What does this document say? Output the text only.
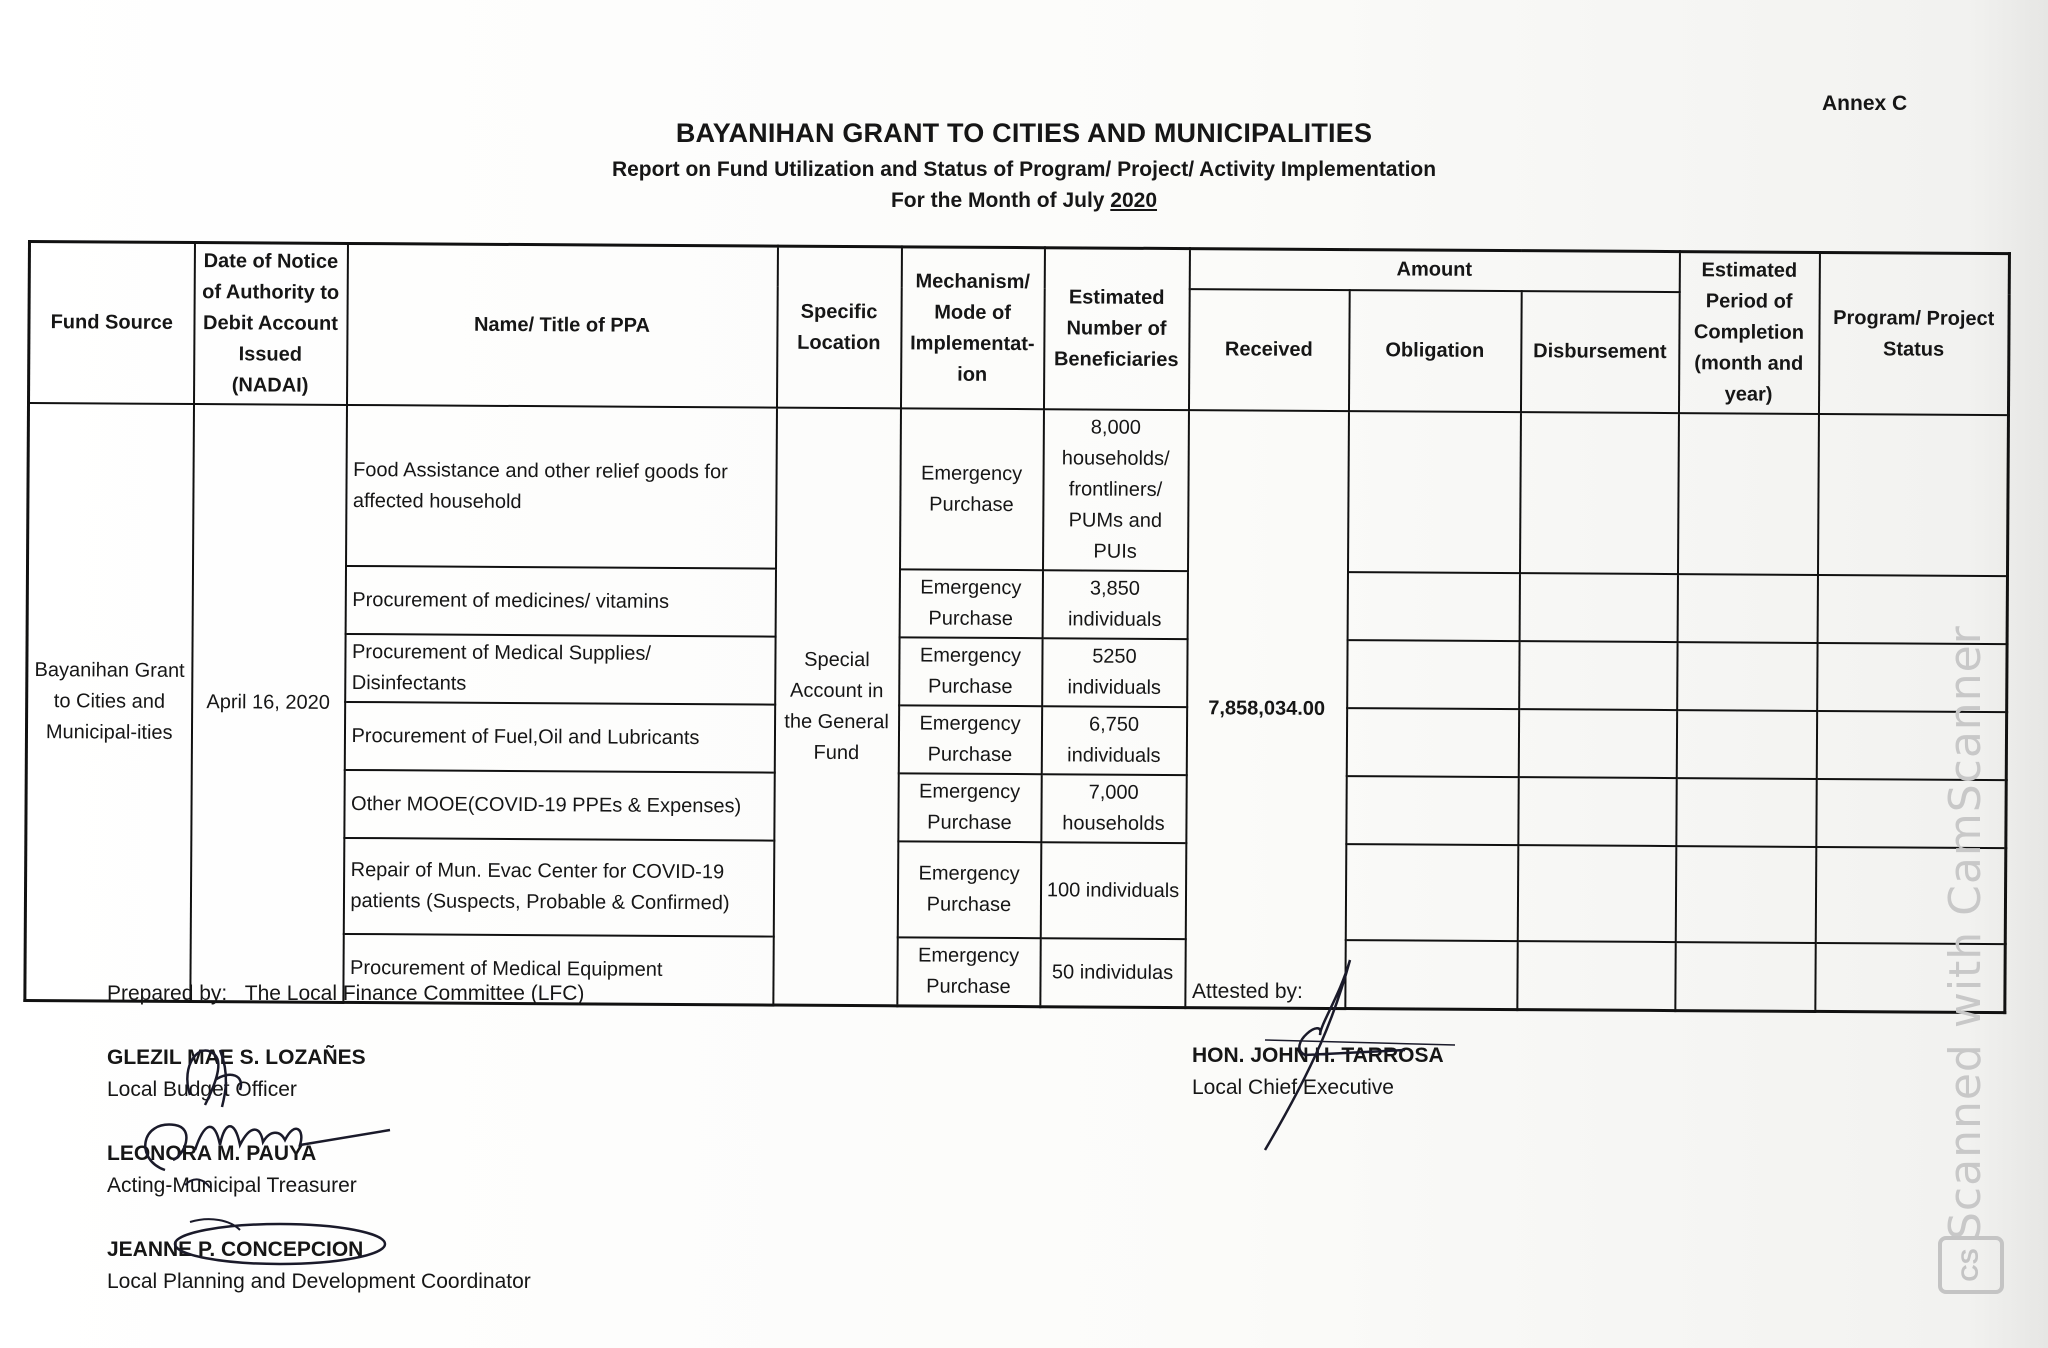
Annex C
BAYANIHAN GRANT TO CITIES AND MUNICIPALITIES
Report on Fund Utilization and Status of Program/ Project/ Activity Implementation
For the Month of July 2020
Fund Source	Date of Notice of Authority to Debit Account Issued (NADAI)	Name/ Title of PPA	Specific Location	Mechanism/ Mode of Implementat-ion	Estimated Number of Beneficiaries	Amount			Estimated Period of Completion (month and year)	Program/ Project Status
						Received	Obligation	Disbursement		
Bayanihan Grant to Cities and Municipal-ities	April 16, 2020	Food Assistance and other relief goods for affected household	Special Account in the General Fund	Emergency Purchase	8,000 households/ frontliners/ PUMs and PUIs	7,858,034.00				
		Procurement of medicines/ vitamins		Emergency Purchase	3,850 individuals					
		Procurement of Medical Supplies/ Disinfectants		Emergency Purchase	5250 individuals					
		Procurement of Fuel,Oil and Lubricants		Emergency Purchase	6,750 individuals					
		Other MOOE(COVID-19 PPEs & Expenses)		Emergency Purchase	7,000 households					
		Repair of Mun. Evac Center for COVID-19 patients (Suspects, Probable & Confirmed)		Emergency Purchase	100 individuals					
		Procurement of Medical Equipment		Emergency Purchase	50 individulas					
Prepared by: The Local Finance Committee (LFC)
GLEZIL MAE S. LOZAÑES
Local Budget Officer
LEONORA M. PAUYA
Acting-Municipal Treasurer
JEANNE P. CONCEPCION
Local Planning and Development Coordinator
Attested by:
HON. JOHN H. TARROSA
Local Chief Executive	Scanned with CamScanner
CS
